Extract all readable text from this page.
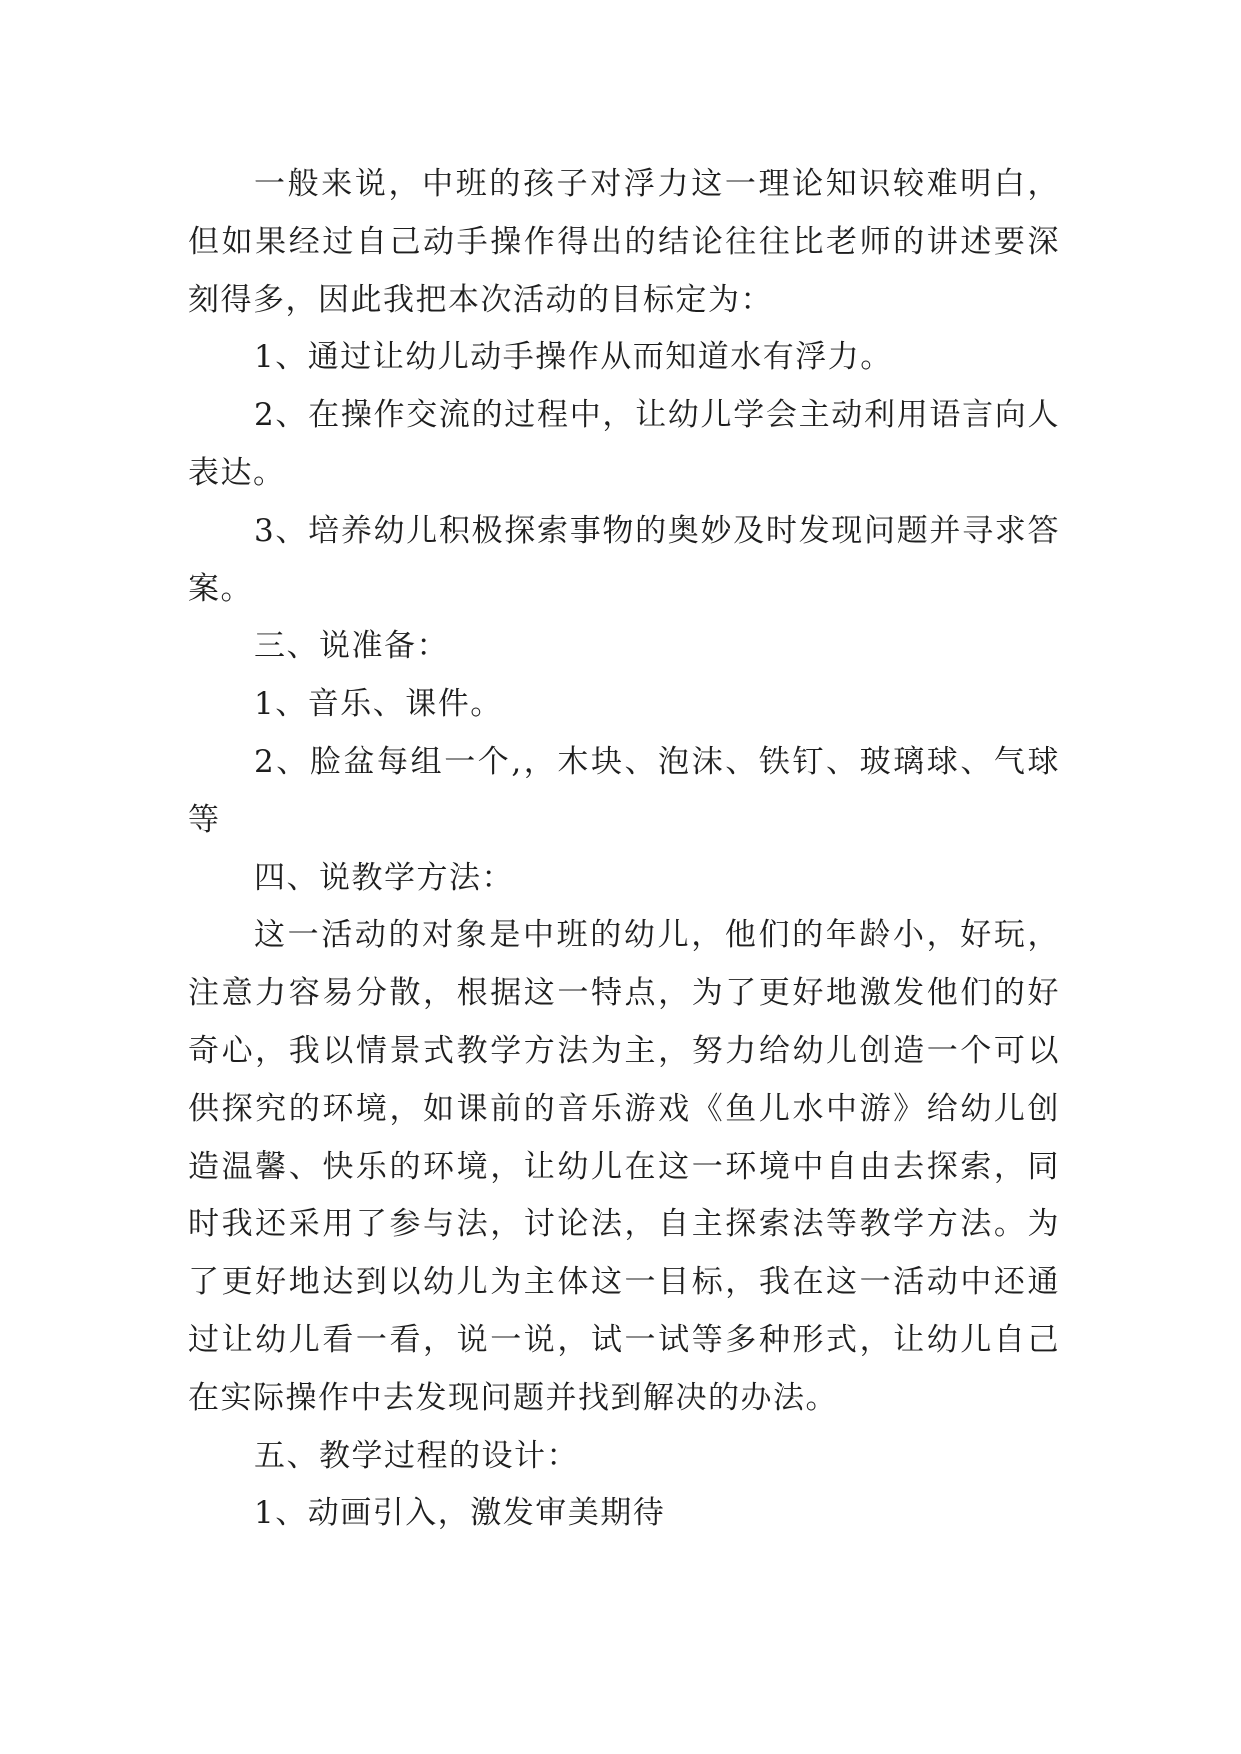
一般来说，中班的孩子对浮力这一理论知识较难明白，但如果经过自己动手操作得出的结论往往比老师的讲述要深刻得多，因此我把本次活动的目标定为：

1、通过让幼儿动手操作从而知道水有浮力。

2、在操作交流的过程中，让幼儿学会主动利用语言向人表达。

3、培养幼儿积极探索事物的奥妙及时发现问题并寻求答案。

三、说准备：

1、音乐、课件。

2、脸盆每组一个,，木块、泡沫、铁钉、玻璃球、气球等

四、说教学方法：

这一活动的对象是中班的幼儿，他们的年龄小，好玩，注意力容易分散，根据这一特点，为了更好地激发他们的好奇心，我以情景式教学方法为主，努力给幼儿创造一个可以供探究的环境，如课前的音乐游戏《鱼儿水中游》给幼儿创造温馨、快乐的环境，让幼儿在这一环境中自由去探索，同时我还采用了参与法，讨论法，自主探索法等教学方法。为了更好地达到以幼儿为主体这一目标，我在这一活动中还通过让幼儿看一看，说一说，试一试等多种形式，让幼儿自己在实际操作中去发现问题并找到解决的办法。

五、教学过程的设计：

1、动画引入，激发审美期待
